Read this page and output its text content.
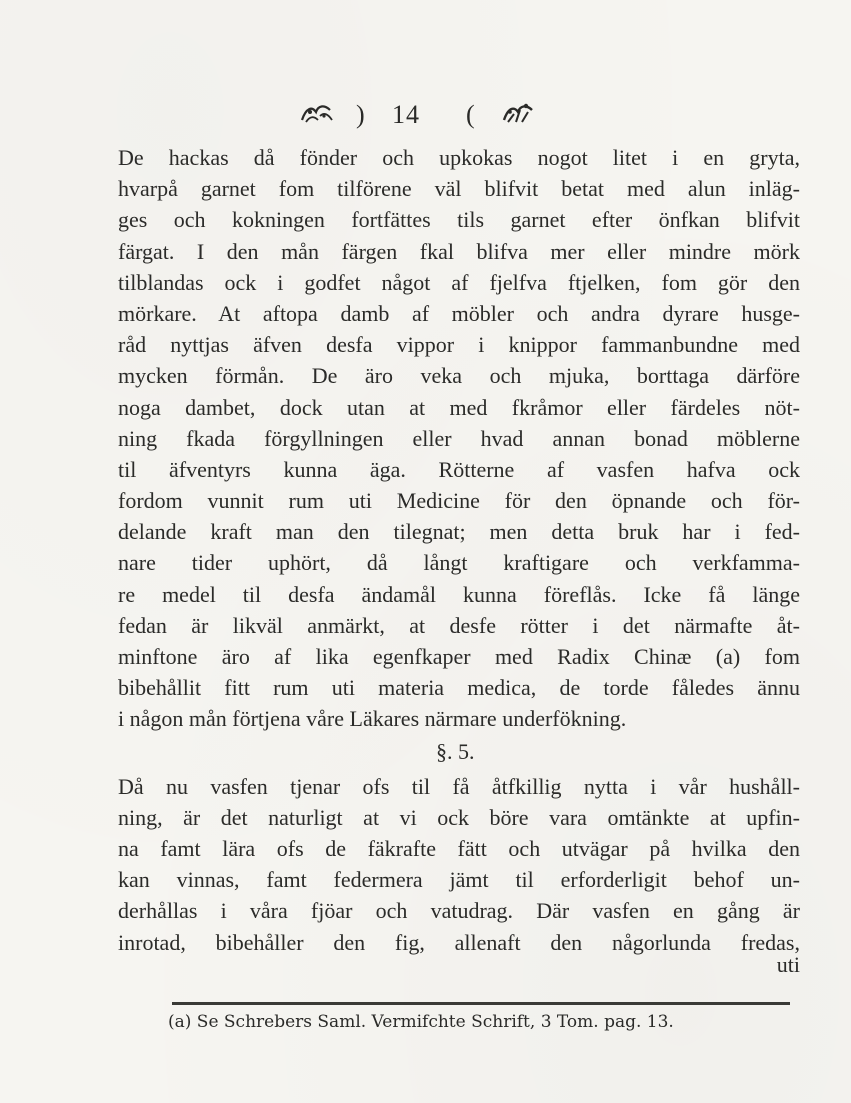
) 14 (
De hackas då fönder och upkokas nogot litet i en gryta,
hvarpå garnet fom tilförene väl blifvit betat med alun inläg-
ges och kokningen fortfättes tils garnet efter önfkan blifvit
färgat. I den mån färgen fkal blifva mer eller mindre mörk
tilblandas ock i godfet något af fjelfva ftjelken, fom gör den
mörkare. At aftopa damb af möbler och andra dyrare husge-
råd nyttjas äfven desfa vippor i knippor fammanbundne med
mycken förmån. De äro veka och mjuka, borttaga därföre
noga dambet, dock utan at med fkråmor eller färdeles nöt-
ning fkada förgyllningen eller hvad annan bonad möblerne
til äfventyrs kunna äga. Rötterne af vasfen hafva ock
fordom vunnit rum uti Medicine för den öpnande och för-
delande kraft man den tilegnat; men detta bruk har i fed-
nare tider uphört, då långt kraftigare och verkfamma-
re medel til desfa ändamål kunna föreflås. Icke få länge
fedan är likväl anmärkt, at desfe rötter i det närmafte åt-
minftone äro af lika egenfkaper med Radix Chinæ (a) fom
bibehållit fitt rum uti materia medica, de torde fåledes ännu
i någon mån förtjena våre Läkares närmare underfökning.
§. 5.
Då nu vasfen tjenar ofs til få åtfkillig nytta i vår hushåll-
ning, är det naturligt at vi ock böre vara omtänkte at upfin-
na famt lära ofs de fäkrafte fätt och utvägar på hvilka den
kan vinnas, famt federmera jämt til erforderligit behof un-
derhållas i våra fjöar och vatudrag. Där vasfen en gång är
inrotad, bibehåller den fig, allenaft den någorlunda fredas,
uti
(a) Se Schrebers Saml. Vermifchte Schrift, 3 Tom. pag. 13.
